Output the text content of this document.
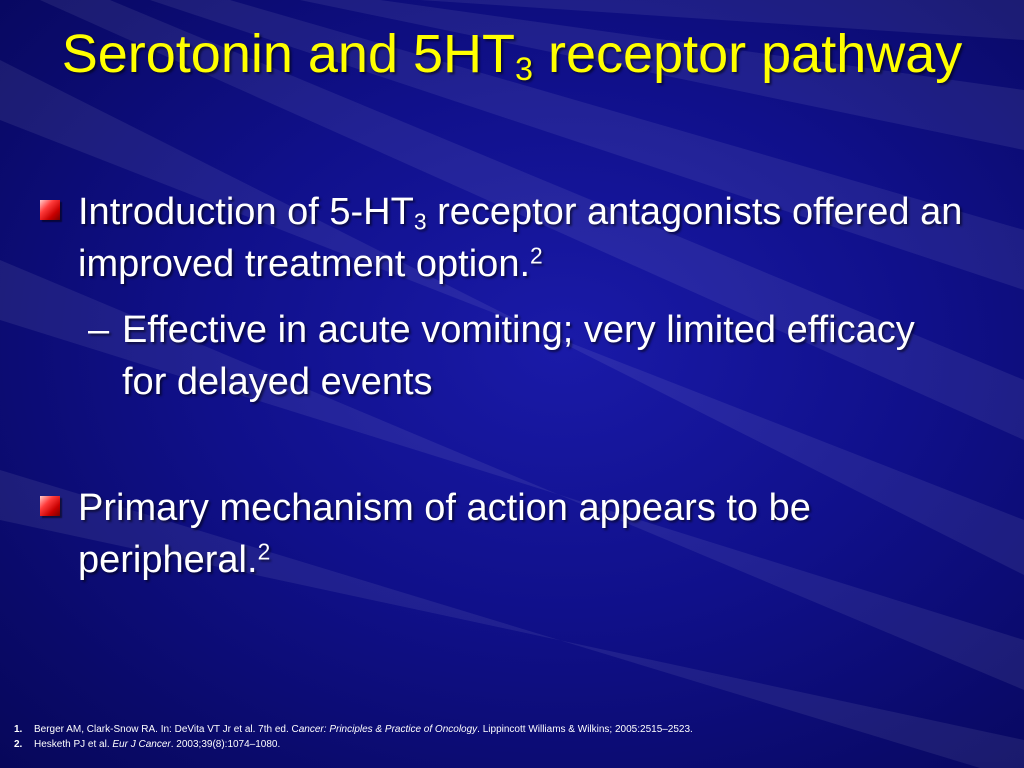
Serotonin and $5HT_3$ receptor pathway
Introduction of $5-HT_3$ receptor antagonists offered an improved treatment option.$^2$
– Effective in acute vomiting; very limited efficacy for delayed events
Primary mechanism of action appears to be peripheral.$^2$
1. Berger AM, Clark-Snow RA. In: DeVita VT Jr et al. 7th ed. Cancer: Principles & Practice of Oncology. Lippincott Williams & Wilkins; 2005:2515–2523.
2. Hesketh PJ et al. Eur J Cancer. 2003;39(8):1074–1080.
